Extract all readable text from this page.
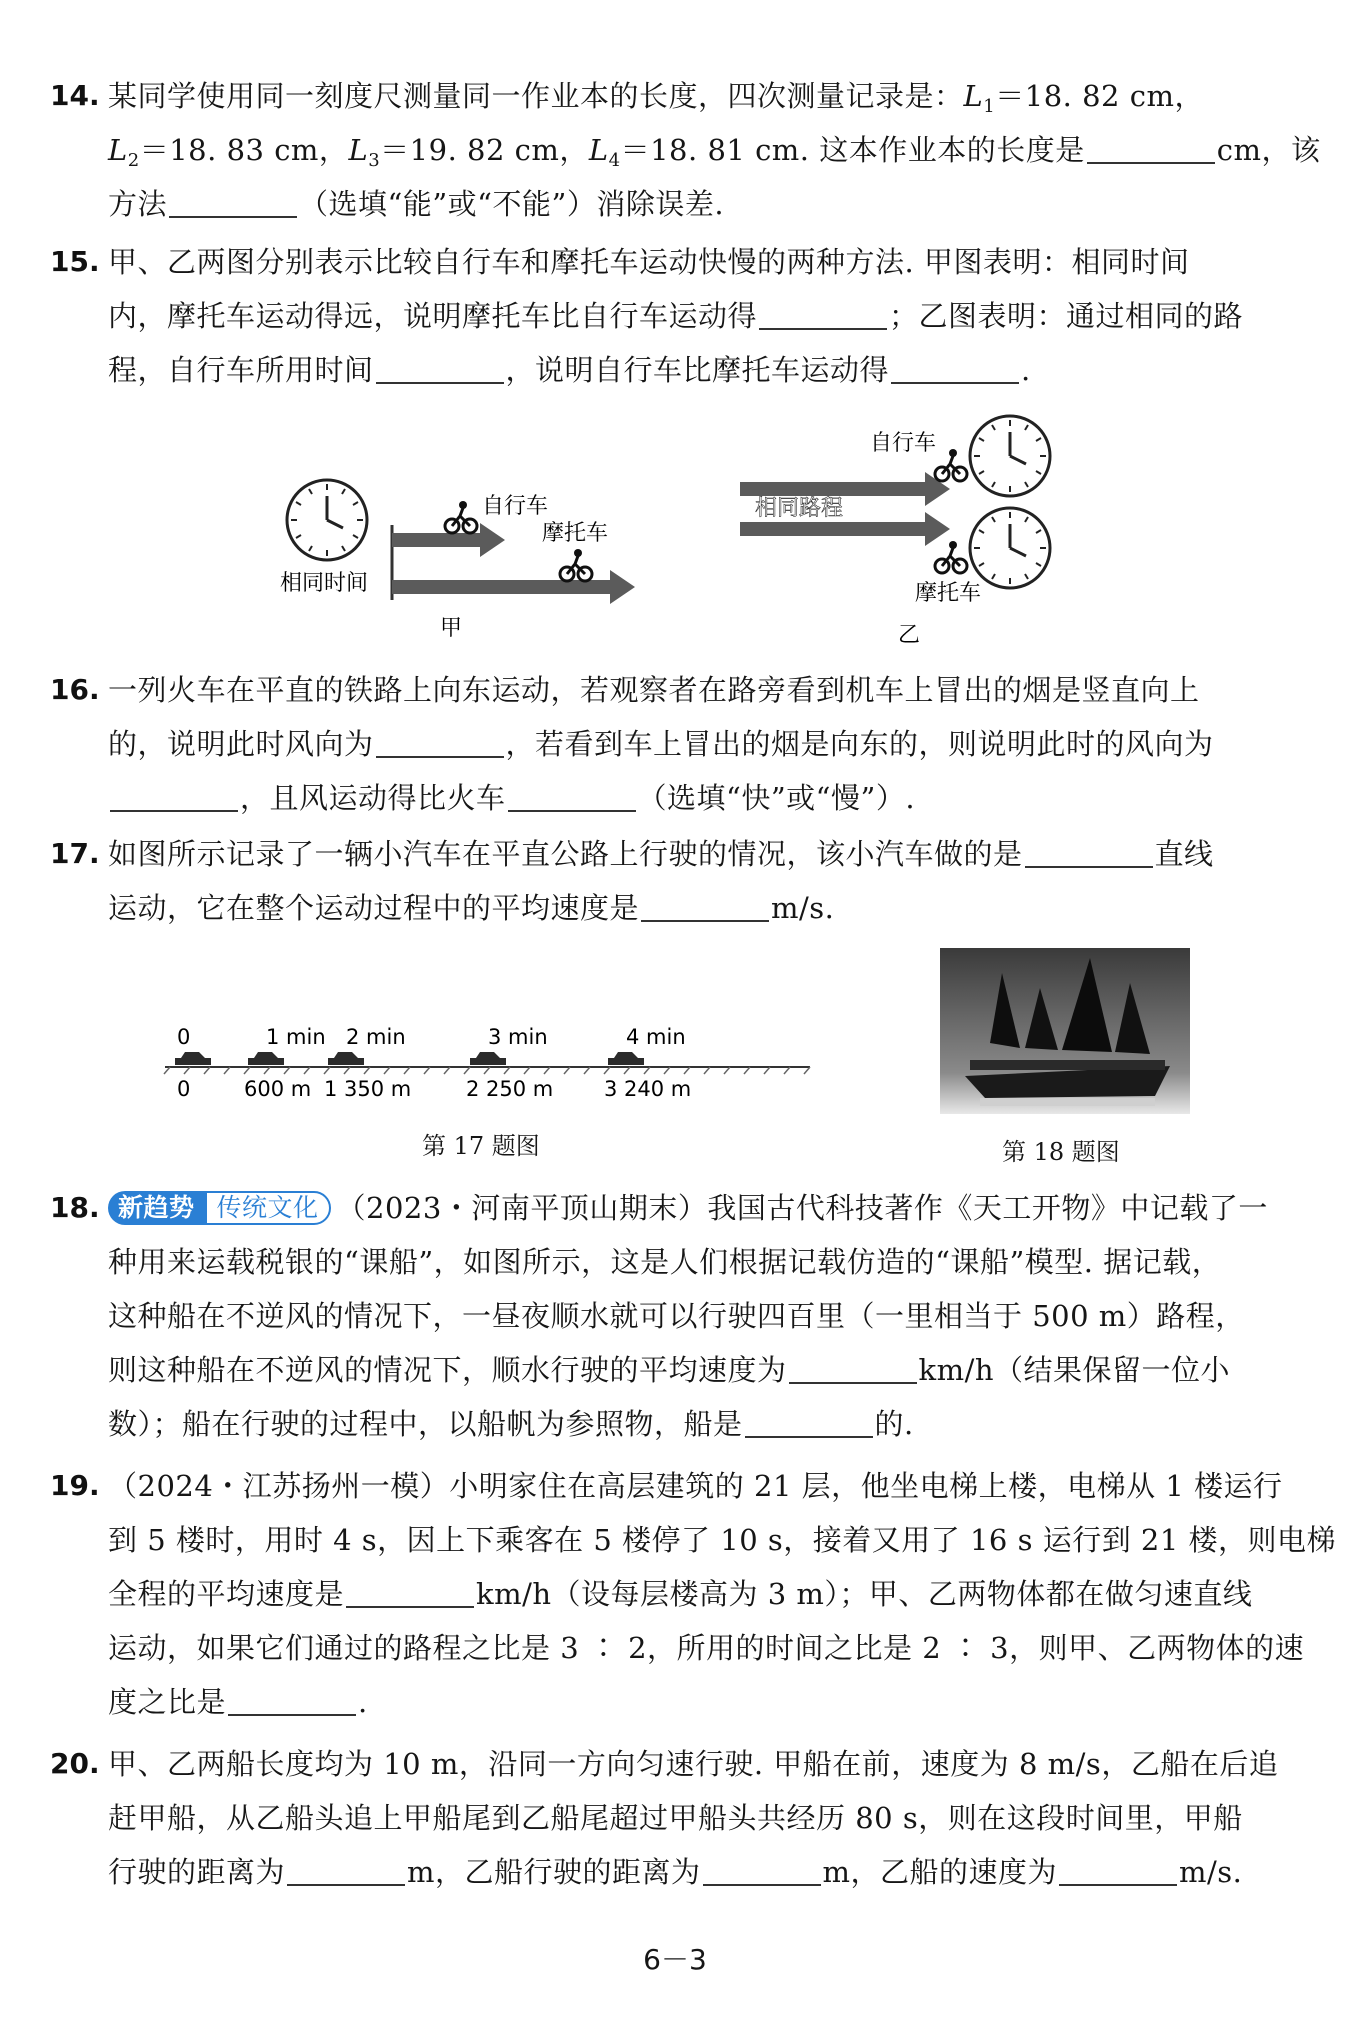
14. 某同学使用同一刻度尺测量同一作业本的长度，四次测量记录是：$L_1=18$. 82 cm，
$L_2=18$. 83 cm，$L_3=19$. 82 cm，$L_4=18$. 81 cm. 这本作业本的长度是	cm，该
方法	（选填“能”或“不能”）消除误差.
15. 甲、乙两图分别表示比较自行车和摩托车运动快慢的两种方法. 甲图表明：相同时间
内，摩托车运动得远，说明摩托车比自行车运动得	；乙图表明：通过相同的路
程，自行车所用时间	，说明自行车比摩托车运动得	.
自行车
摩托车
相同时间
甲
自行车
相同路程
摩托车
乙
16. 一列火车在平直的铁路上向东运动，若观察者在路旁看到机车上冒出的烟是竖直向上
的，说明此时风向为	，若看到车上冒出的烟是向东的，则说明此时的风向为
，且风运动得比火车	（选填“快”或“慢”）.
17. 如图所示记录了一辆小汽车在平直公路上行驶的情况，该小汽车做的是	直线
运动，它在整个运动过程中的平均速度是	m/s.
0
0
1 min
600 m
2 min
1 350 m
3 min
2 250 m
4 min
3 240 m
第 17 题图	第 18 题图
18. 新趋势 传统文化 （2023・河南平顶山期末）我国古代科技著作《天工开物》中记载了一
种用来运载税银的“课船”，如图所示，这是人们根据记载仿造的“课船”模型. 据记载，
这种船在不逆风的情况下，一昼夜顺水就可以行驶四百里（一里相当于 500 m）路程，
则这种船在不逆风的情况下，顺水行驶的平均速度为	km/h（结果保留一位小
数）；船在行驶的过程中，以船帆为参照物，船是	的.
19. （2024・江苏扬州一模）小明家住在高层建筑的 21 层，他坐电梯上楼，电梯从 1 楼运行
到 5 楼时，用时 4 s，因上下乘客在 5 楼停了 10 s，接着又用了 16 s 运行到 21 楼，则电梯
全程的平均速度是	km/h（设每层楼高为 3 m）；甲、乙两物体都在做匀速直线
运动，如果它们通过的路程之比是 3 ∶ 2，所用的时间之比是 2 ∶ 3，则甲、乙两物体的速
度之比是	.
20. 甲、乙两船长度均为 10 m，沿同一方向匀速行驶. 甲船在前，速度为 8 m/s，乙船在后追
赶甲船，从乙船头追上甲船尾到乙船尾超过甲船头共经历 80 s，则在这段时间里，甲船
行驶的距离为	m，乙船行驶的距离为	m，乙船的速度为	m/s.
6－3
